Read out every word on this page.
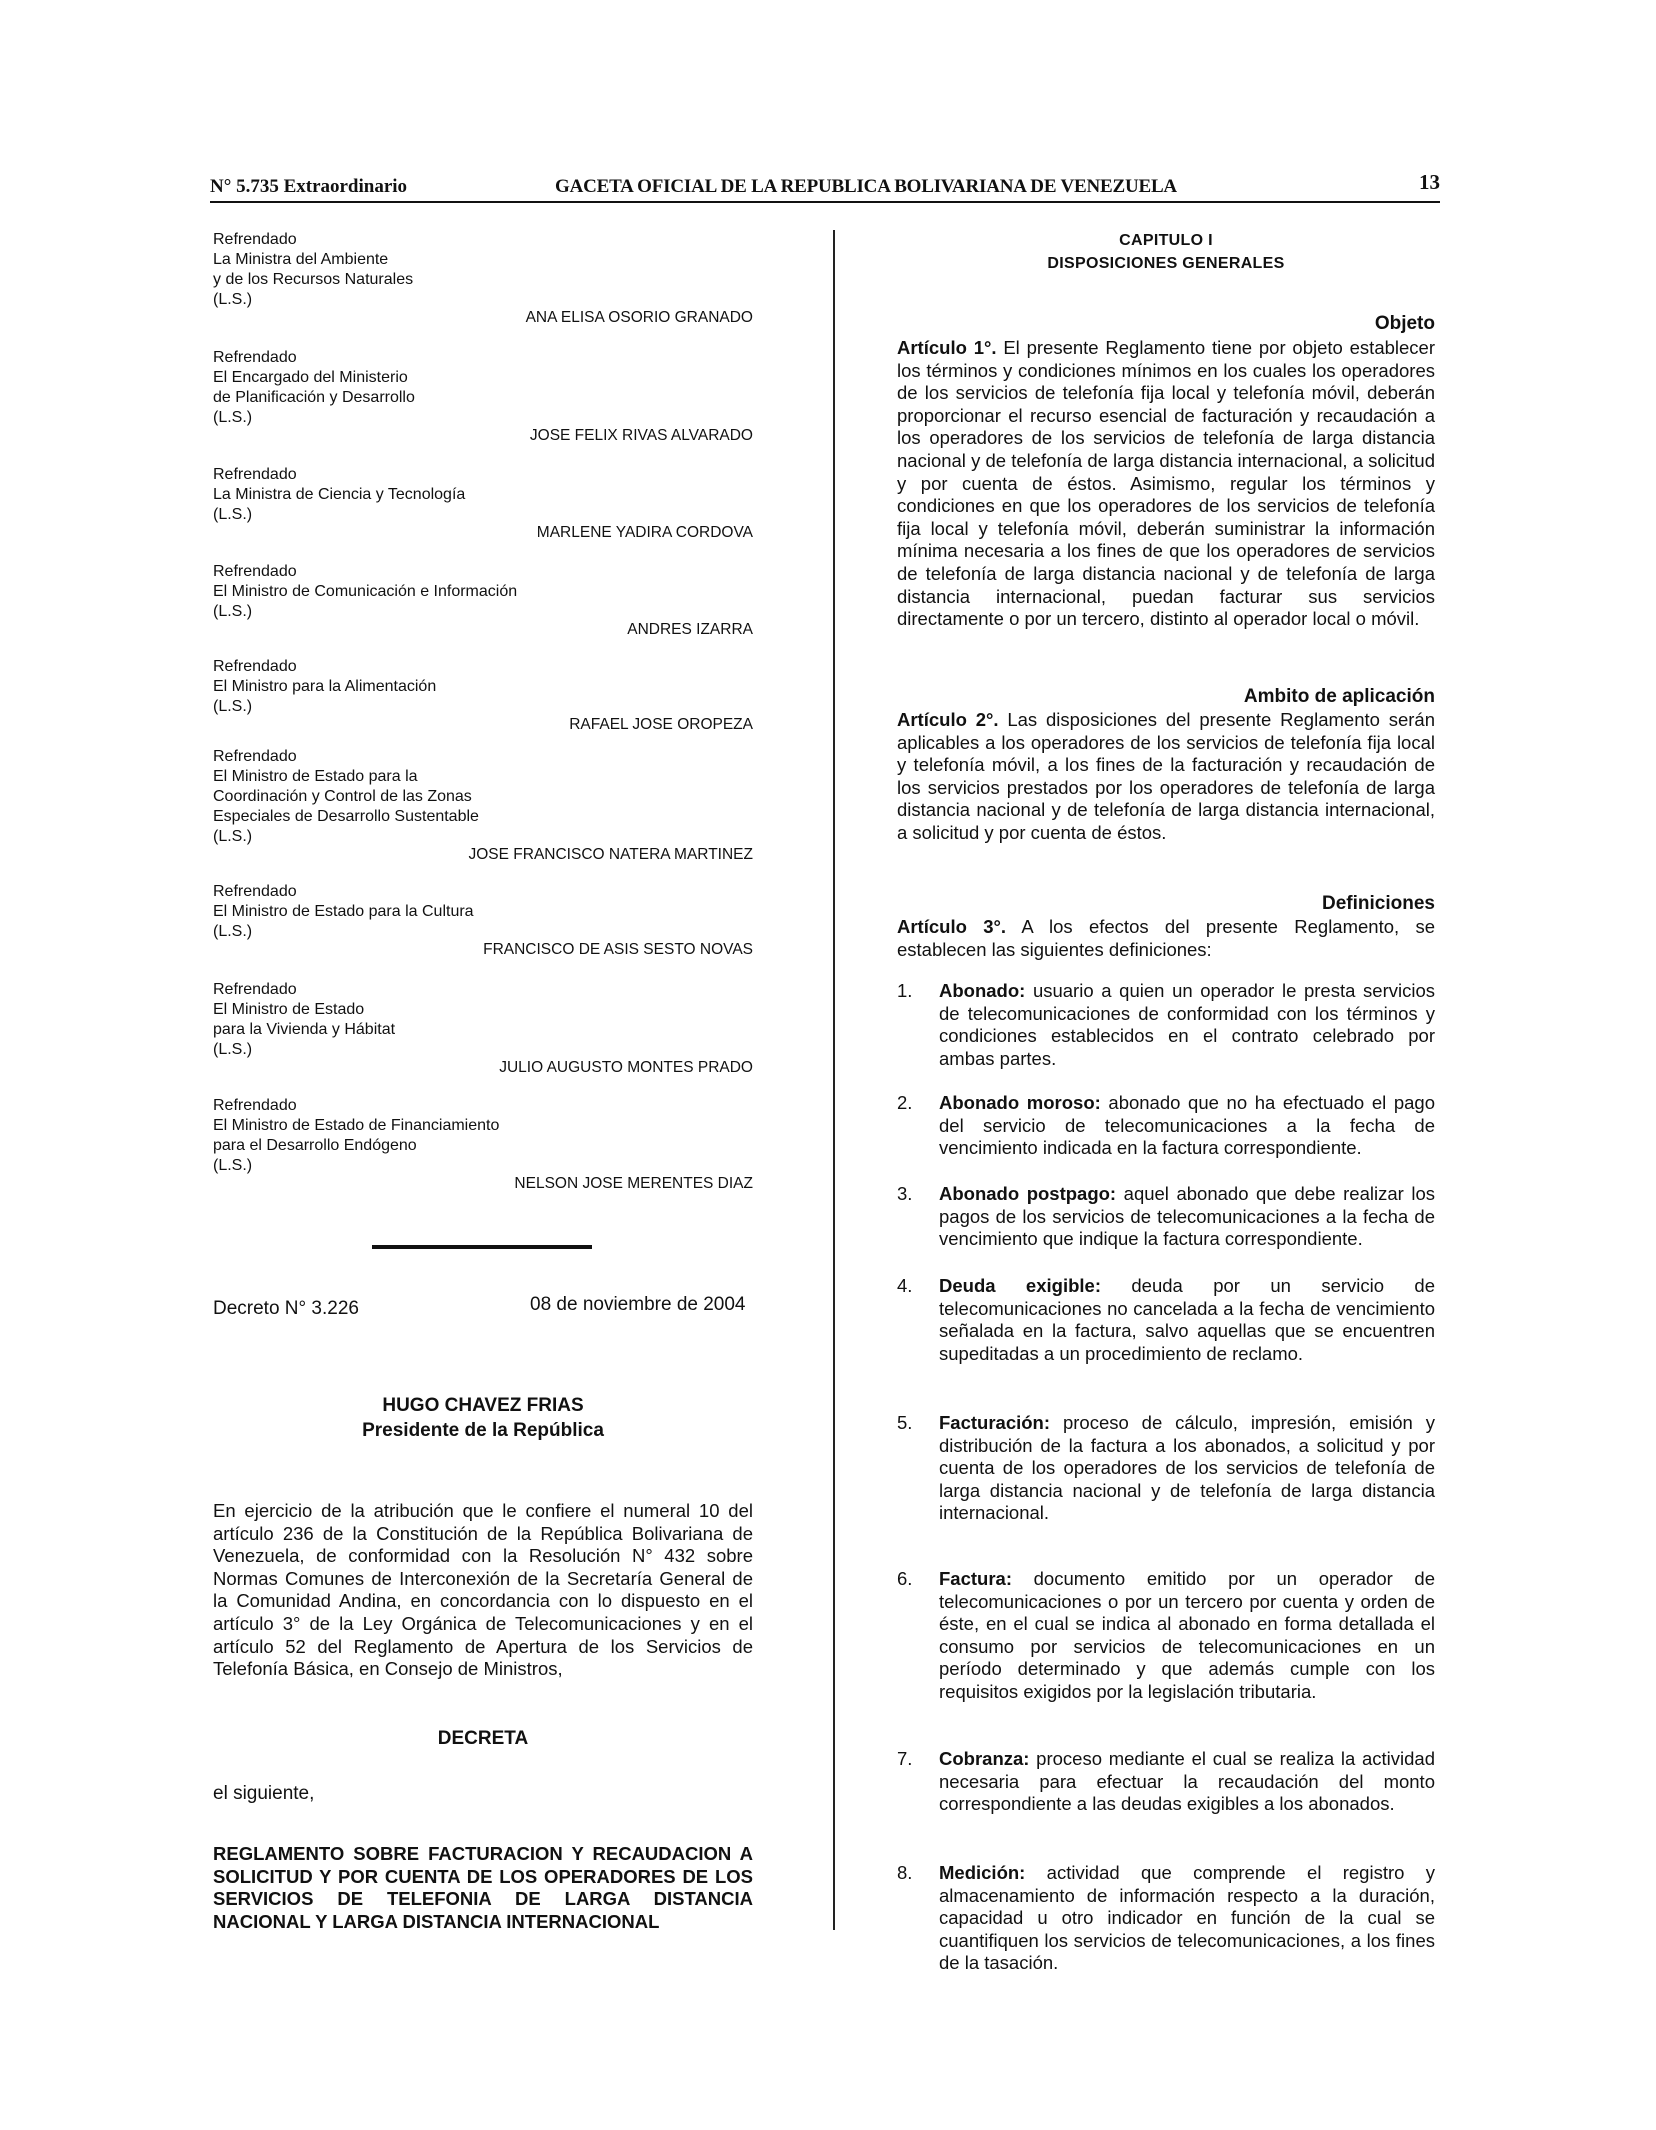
N° 5.735 Extraordinario	GACETA OFICIAL DE LA REPUBLICA BOLIVARIANA DE VENEZUELA	13
Refrendado
La Ministra del Ambiente
y de los Recursos Naturales
(L.S.)
ANA ELISA OSORIO GRANADO
Refrendado
El Encargado del Ministerio
de Planificación y Desarrollo
(L.S.)
JOSE FELIX RIVAS ALVARADO
Refrendado
La Ministra de Ciencia y Tecnología
(L.S.)
MARLENE YADIRA CORDOVA
Refrendado
El Ministro de Comunicación e Información
(L.S.)
ANDRES IZARRA
Refrendado
El Ministro para la Alimentación
(L.S.)
RAFAEL JOSE OROPEZA
Refrendado
El Ministro de Estado para la
Coordinación y Control de las Zonas
Especiales de Desarrollo Sustentable
(L.S.)
JOSE FRANCISCO NATERA MARTINEZ
Refrendado
El Ministro de Estado para la Cultura
(L.S.)
FRANCISCO DE ASIS SESTO NOVAS
Refrendado
El Ministro de Estado
para la Vivienda y Hábitat
(L.S.)
JULIO AUGUSTO MONTES PRADO
Refrendado
El Ministro de Estado de Financiamiento
para el Desarrollo Endógeno
(L.S.)
NELSON JOSE MERENTES DIAZ
Decreto N° 3.226	08 de noviembre de 2004
HUGO CHAVEZ FRIAS
Presidente de la República
En ejercicio de la atribución que le confiere el numeral 10 del artículo 236 de la Constitución de la República Bolivariana de Venezuela, de conformidad con la Resolución N° 432 sobre Normas Comunes de Interconexión de la Secretaría General de la Comunidad Andina, en concordancia con lo dispuesto en el artículo 3° de la Ley Orgánica de Telecomunicaciones y en el artículo 52 del Reglamento de Apertura de los Servicios de Telefonía Básica, en Consejo de Ministros,
DECRETA
el siguiente,
REGLAMENTO SOBRE FACTURACION Y RECAUDACION A SOLICITUD Y POR CUENTA DE LOS OPERADORES DE LOS SERVICIOS DE TELEFONIA DE LARGA DISTANCIA NACIONAL Y LARGA DISTANCIA INTERNACIONAL
CAPITULO I
DISPOSICIONES GENERALES
Objeto
Artículo 1°. El presente Reglamento tiene por objeto establecer los términos y condiciones mínimos en los cuales los operadores de los servicios de telefonía fija local y telefonía móvil, deberán proporcionar el recurso esencial de facturación y recaudación a los operadores de los servicios de telefonía de larga distancia nacional y de telefonía de larga distancia internacional, a solicitud y por cuenta de éstos. Asimismo, regular los términos y condiciones en que los operadores de los servicios de telefonía fija local y telefonía móvil, deberán suministrar la información mínima necesaria a los fines de que los operadores de servicios de telefonía de larga distancia nacional y de telefonía de larga distancia internacional, puedan facturar sus servicios directamente o por un tercero, distinto al operador local o móvil.
Ambito de aplicación
Artículo 2°. Las disposiciones del presente Reglamento serán aplicables a los operadores de los servicios de telefonía fija local y telefonía móvil, a los fines de la facturación y recaudación de los servicios prestados por los operadores de telefonía de larga distancia nacional y de telefonía de larga distancia internacional, a solicitud y por cuenta de éstos.
Definiciones
Artículo 3°. A los efectos del presente Reglamento, se establecen las siguientes definiciones:
1.	Abonado: usuario a quien un operador le presta servicios de telecomunicaciones de conformidad con los términos y condiciones establecidos en el contrato celebrado por ambas partes.
2.	Abonado moroso: abonado que no ha efectuado el pago del servicio de telecomunicaciones a la fecha de vencimiento indicada en la factura correspondiente.
3.	Abonado postpago: aquel abonado que debe realizar los pagos de los servicios de telecomunicaciones a la fecha de vencimiento que indique la factura correspondiente.
4.	Deuda exigible: deuda por un servicio de telecomunicaciones no cancelada a la fecha de vencimiento señalada en la factura, salvo aquellas que se encuentren supeditadas a un procedimiento de reclamo.
5.	Facturación: proceso de cálculo, impresión, emisión y distribución de la factura a los abonados, a solicitud y por cuenta de los operadores de los servicios de telefonía de larga distancia nacional y de telefonía de larga distancia internacional.
6.	Factura: documento emitido por un operador de telecomunicaciones o por un tercero por cuenta y orden de éste, en el cual se indica al abonado en forma detallada el consumo por servicios de telecomunicaciones en un período determinado y que además cumple con los requisitos exigidos por la legislación tributaria.
7.	Cobranza: proceso mediante el cual se realiza la actividad necesaria para efectuar la recaudación del monto correspondiente a las deudas exigibles a los abonados.
8.	Medición: actividad que comprende el registro y almacenamiento de información respecto a la duración, capacidad u otro indicador en función de la cual se cuantifiquen los servicios de telecomunicaciones, a los fines de la tasación.
